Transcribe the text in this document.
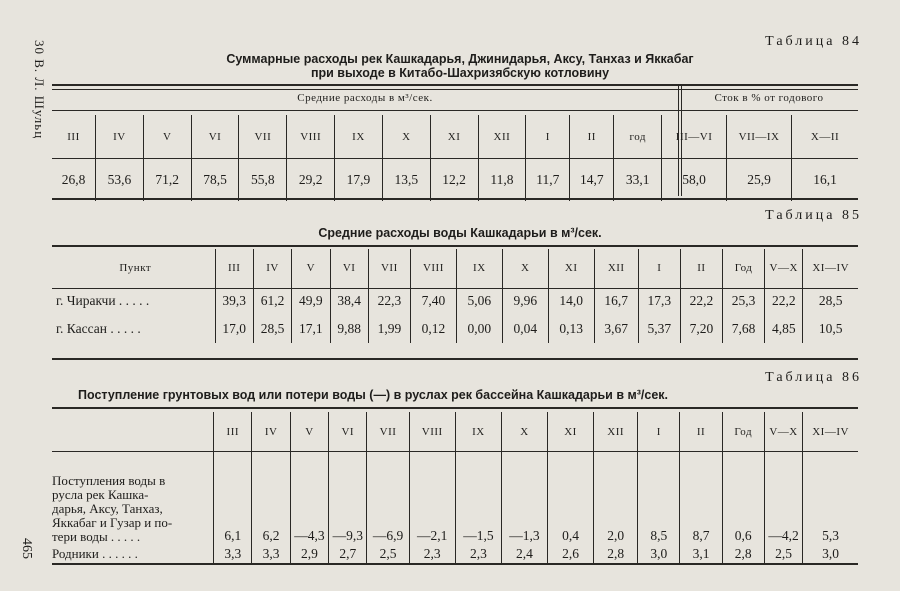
30 В. Л. Шульц
465
Таблица 84
Суммарные расходы рек Кашкадарья, Джинидарья, Аксу, Танхаз и Яккабаг
при выходе в Китабо-Шахризябскую котловину
Средние расходы в м³/сек.	Сток в % от годового
III	IV	V	VI	VII	VIII	IX	X	XI	XII	I	II	год	III—VI	VII—IX	X—II
26,8	53,6	71,2	78,5	55,8	29,2	17,9	13,5	12,2	11,8	11,7	14,7	33,1	58,0	25,9	16,1
Таблица 85
Средние расходы воды Кашкадарьи в м³/сек.
Пункт	III	IV	V	VI	VII	VIII	IX	X	XI	XII	I	II	Год	V—X	XI—IV
г. Чиракчи . . . . .	39,3	61,2	49,9	38,4	22,3	7,40	5,06	9,96	14,0	16,7	17,3	22,2	25,3	22,2	28,5
г. Кассан . . . . .	17,0	28,5	17,1	9,88	1,99	0,12	0,00	0,04	0,13	3,67	5,37	7,20	7,68	4,85	10,5
Таблица 86
Поступление грунтовых вод или потери воды (—) в руслах рек бассейна Кашкадарьи в м³/сек.
	III	IV	V	VI	VII	VIII	IX	X	XI	XII	I	II	Год	V—X	XI—IV

Поступления воды в
русла рек Кашка-
дарья, Аксу, Танхаз,
Яккабаг и Гузар и по-
тери воды . . . . .	6,1	6,2	—4,3	—9,3	—6,9	—2,1	—1,5	—1,3	0,4	2,0	8,5	8,7	0,6	—4,2	5,3

Родники . . . . . .	3,3	3,3	2,9	2,7	2,5	2,3	2,3	2,4	2,6	2,8	3,0	3,1	2,8	2,5	3,0
